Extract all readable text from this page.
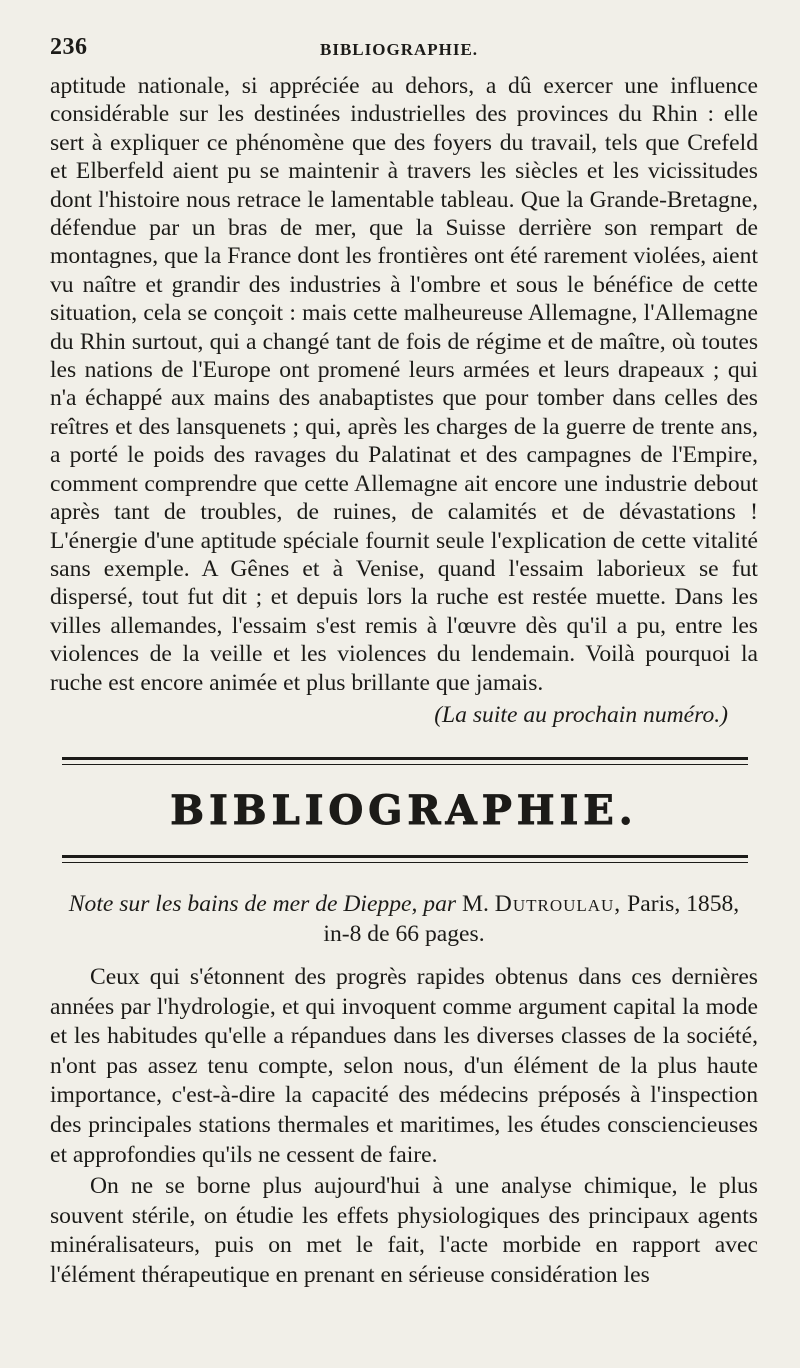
236	BIBLIOGRAPHIE.

aptitude nationale, si appréciée au dehors, a dû exercer une influence considérable sur les destinées industrielles des provinces du Rhin : elle sert à expliquer ce phénomène que des foyers du travail, tels que Crefeld et Elberfeld aient pu se maintenir à travers les siècles et les vicissitudes dont l'histoire nous retrace le lamentable tableau. Que la Grande-Bretagne, défendue par un bras de mer, que la Suisse derrière son rempart de montagnes, que la France dont les frontières ont été rarement violées, aient vu naître et grandir des industries à l'ombre et sous le bénéfice de cette situation, cela se conçoit : mais cette malheureuse Allemagne, l'Allemagne du Rhin surtout, qui a changé tant de fois de régime et de maître, où toutes les nations de l'Europe ont promené leurs armées et leurs drapeaux ; qui n'a échappé aux mains des anabaptistes que pour tomber dans celles des reîtres et des lansquenets ; qui, après les charges de la guerre de trente ans, a porté le poids des ravages du Palatinat et des campagnes de l'Empire, comment comprendre que cette Allemagne ait encore une industrie debout après tant de troubles, de ruines, de calamités et de dévastations ! L'énergie d'une aptitude spéciale fournit seule l'explication de cette vitalité sans exemple. A Gênes et à Venise, quand l'essaim laborieux se fut dispersé, tout fut dit ; et depuis lors la ruche est restée muette. Dans les villes allemandes, l'essaim s'est remis à l'œuvre dès qu'il a pu, entre les violences de la veille et les violences du lendemain. Voilà pourquoi la ruche est encore animée et plus brillante que jamais.

(La suite au prochain numéro.)

BIBLIOGRAPHIE.
Note sur les bains de mer de Dieppe, par M. Dutroulau, Paris, 1858,
in-8 de 66 pages.

Ceux qui s'étonnent des progrès rapides obtenus dans ces dernières années par l'hydrologie, et qui invoquent comme argument capital la mode et les habitudes qu'elle a répandues dans les diverses classes de la société, n'ont pas assez tenu compte, selon nous, d'un élément de la plus haute importance, c'est-à-dire la capacité des médecins préposés à l'inspection des principales stations thermales et maritimes, les études consciencieuses et approfondies qu'ils ne cessent de faire.

On ne se borne plus aujourd'hui à une analyse chimique, le plus souvent stérile, on étudie les effets physiologiques des principaux agents minéralisateurs, puis on met le fait, l'acte morbide en rapport avec l'élément thérapeutique en prenant en sérieuse considération les
